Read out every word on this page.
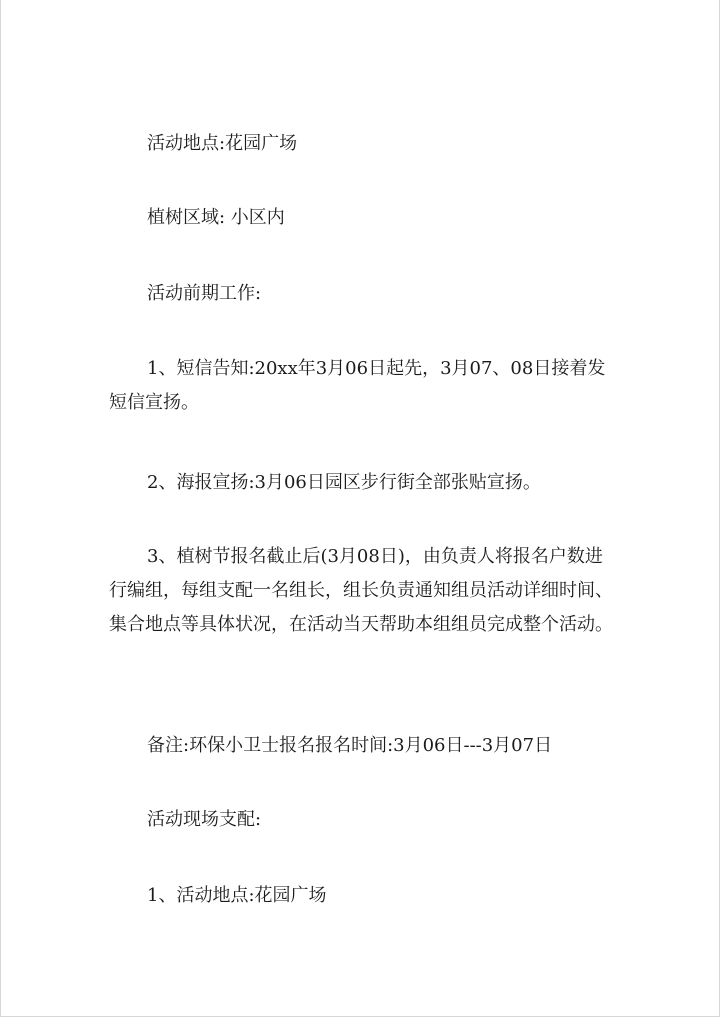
活动地点:花园广场

植树区域: 小区内

活动前期工作:

1、短信告知:20xx年3月06日起先，3月07、08日接着发短信宣扬。

2、海报宣扬:3月06日园区步行街全部张贴宣扬。

3、植树节报名截止后(3月08日)，由负责人将报名户数进行编组，每组支配一名组长，组长负责通知组员活动详细时间、集合地点等具体状况，在活动当天帮助本组组员完成整个活动。

备注:环保小卫士报名报名时间:3月06日---3月07日

活动现场支配:

1、活动地点:花园广场
